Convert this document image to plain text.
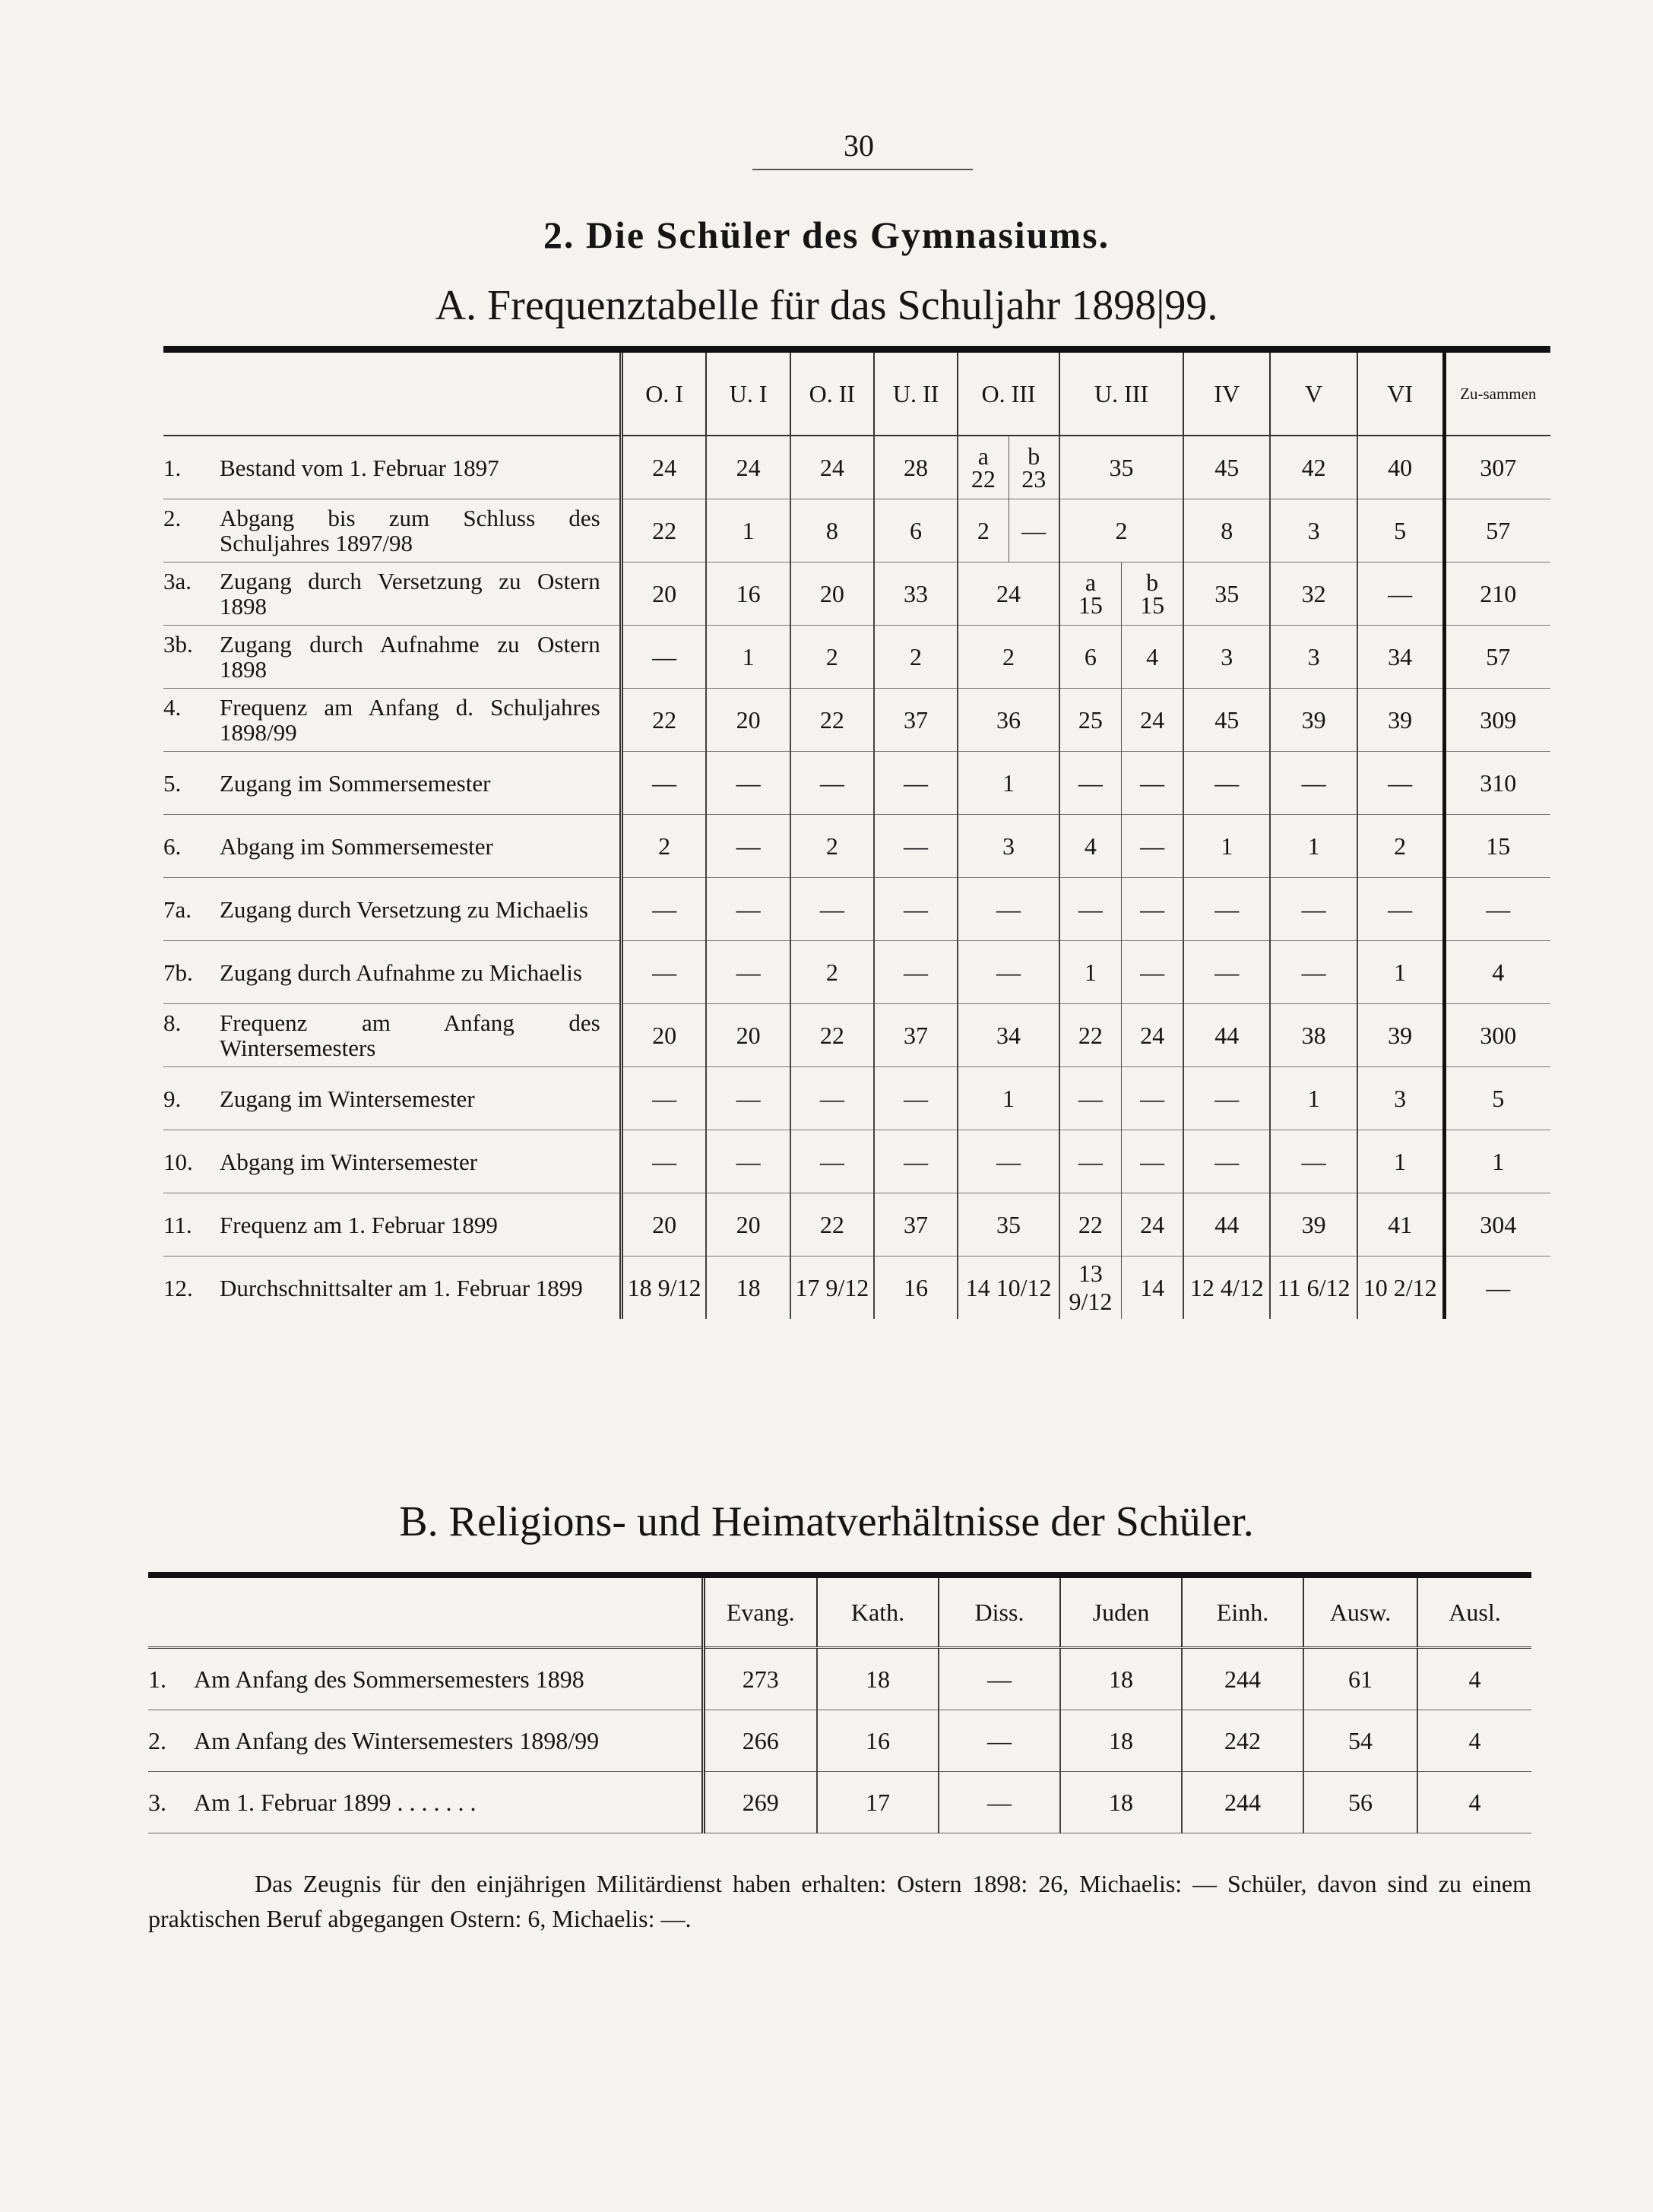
30
2. Die Schüler des Gymnasiums.
A. Frequenztabelle für das Schuljahr 1898|99.
	O. I	U. I	O. II	U. II	O. III		U. III		IV	V	VI	Zu-sammen

1. Bestand vom 1. Februar 1897	24	24	24	28	a
22	b
23	35		45	42	40	307

2. Abgang bis zum Schluss des Schuljahres 1897/98	22	1	8	6	2	—	2		8	3	5	57

3a. Zugang durch Versetzung zu Ostern 1898	20	16	20	33	24		a
15	b
15	35	32	—	210

3b. Zugang durch Aufnahme zu Ostern 1898	—	1	2	2	2		6	4	3	3	34	57

4. Frequenz am Anfang d. Schuljahres 1898/99	22	20	22	37	36		25	24	45	39	39	309

5. Zugang im Sommersemester	—	—	—	—	1		—	—	—	—	—	310

6. Abgang im Sommersemester	2	—	2	—	3		4	—	1	1	2	15

7a. Zugang durch Versetzung zu Michaelis	—	—	—	—	—		—	—	—	—	—	—

7b. Zugang durch Aufnahme zu Michaelis	—	—	2	—	—		1	—	—	—	1	4

8. Frequenz am Anfang des Wintersemesters	20	20	22	37	34		22	24	44	38	39	300

9. Zugang im Wintersemester	—	—	—	—	1		—	—	—	1	3	5

10. Abgang im Wintersemester	—	—	—	—	—		—	—	—	—	1	1

11. Frequenz am 1. Februar 1899	20	20	22	37	35		22	24	44	39	41	304

12. Durchschnittsalter am 1. Februar 1899	18 9/12	18	17 9/12	16	14 10/12		13 9/12	14	12 4/12	11 6/12	10 2/12	—
B. Religions- und Heimatverhältnisse der Schüler.
	Evang.	Kath.	Diss.	Juden	Einh.	Ausw.	Ausl.

1. Am Anfang des Sommersemesters 1898	273	18	—	18	244	61	4

2. Am Anfang des Wintersemesters 1898/99	266	16	—	18	242	54	4

3. Am 1. Februar 1899 . . . . . . .	269	17	—	18	244	56	4
Das Zeugnis für den einjährigen Militärdienst haben erhalten: Ostern 1898: 26, Michaelis: — Schüler, davon sind zu einem praktischen Beruf abgegangen Ostern: 6, Michaelis: —.
